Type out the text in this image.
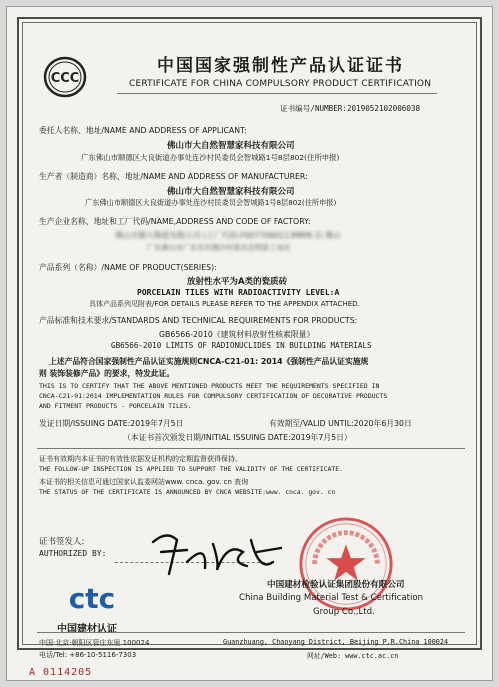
CCC
中国国家强制性产品认证证书
CERTIFICATE FOR CHINA COMPULSORY PRODUCT CERTIFICATION
证书编号/NUMBER:2019052102006038
委托人名称、地址/NAME AND ADDRESS OF APPLICANT:
佛山市大自然智慧家科技有限公司
广东佛山市顺德区大良街道办事处连沙村民委员会智城路1号8层802(住所申报)
生产者（制造商）名称、地址/NAME AND ADDRESS OF MANUFACTURER:
佛山市大自然智慧家科技有限公司
广东佛山市顺德区大良街道办事处连沙村民委员会智城路1号8层802(住所申报)
生产企业名称、地址和工厂代码/NAME,ADDRESS AND CODE OF FACTORY:
佛山市顺大陶瓷有限公司 (工厂代码:F0077060113MRN 2) 佛山
广东佛山市广东东坑镇沙村委员会明家工业区
产品系列（名称）/NAME OF PRODUCT(SERIES):
放射性水平为A类的瓷质砖
PORCELAIN TILES WITH RADIOACTIVITY LEVEL:A
具体产品系列见附表/FOR DETAILS PLEASE REFER TO THE APPENDIX ATTACHED.
产品标准和技术要求/STANDARDS AND TECHNICAL REQUIREMENTS FOR PRODUCTS:
GB6566-2010《建筑材料放射性核素限量》
GB6566-2010 LIMITS OF RADIONUCLIDES IN BUILDING MATERIALS
上述产品符合国家强制性产品认证实施规则CNCA-C21-01: 2014《强制性产品认证实施规
则 装饰装修产品》的要求，特发此证。
THIS IS TO CERTIFY THAT THE ABOVE MENTIONED PRODUCTS MEET THE REQUIREMENTS SPECIFIED IN
CNCA-C21-01:2014 IMPLEMENTATION RULES FOR COMPULSORY CERTIFICATION OF DECORATIVE PRODUCTS
AND FITMENT PRODUCTS - PORCELAIN TILES.
发证日期/ISSUING DATE:2019年7月5日	有效期至/VALID UNTIL:2020年6月30日
（本证书首次颁发日期/INITIAL ISSUING DATE:2019年7月5日）
证书有效期内本证书的有效性依据发证机构的定期监督获得保持。
THE FOLLOW-UP INSPECTION IS APPLIED TO SUPPORT THE VALIDITY OF THE CERTIFICATE.
本证书的相关信息可通过国家认监委网站www. cnca. gov. cn 查询
THE STATUS OF THE CERTIFICATE IS ANNOUNCED BY CNCA WEBSITE:www. cnca. gov. cn
证书签发人:
AUTHORIZED BY:
ctc
中国建材认证
中国建材检验认证集团股份有限公司
China Building Material Test & Certification
Group Co.,Ltd.
中国·北京·朝阳区管庄东里 100024
电话/Tel: +86-10-5116-7303
Guanzhuang, Chaoyang District, Beijing P.R.China 100024
网址/Web: www.ctc.ac.cn
A 0114205
